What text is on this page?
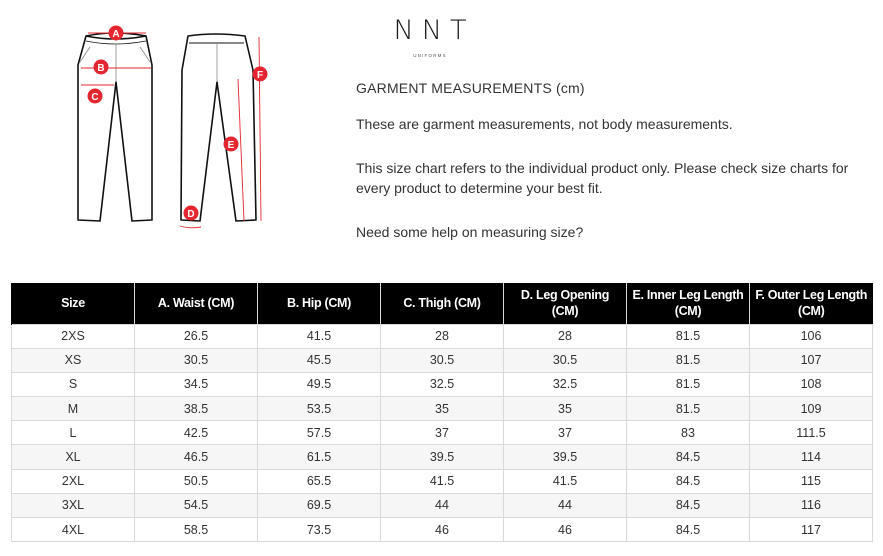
A
B
C
D
E
F
NNT
UNIFORMS
GARMENT MEASUREMENTS (cm)

These are garment measurements, not body measurements.

This size chart refers to the individual product only. Please check size charts for every product to determine your best fit.

Need some help on measuring size?
Size	A. Waist (CM)	B. Hip (CM)	C. Thigh (CM)	D. Leg Opening (CM)	E. Inner Leg Length (CM)	F. Outer Leg Length (CM)
2XS	26.5	41.5	28	28	81.5	106
XS	30.5	45.5	30.5	30.5	81.5	107
S	34.5	49.5	32.5	32.5	81.5	108
M	38.5	53.5	35	35	81.5	109
L	42.5	57.5	37	37	83	111.5
XL	46.5	61.5	39.5	39.5	84.5	114
2XL	50.5	65.5	41.5	41.5	84.5	115
3XL	54.5	69.5	44	44	84.5	116
4XL	58.5	73.5	46	46	84.5	117
